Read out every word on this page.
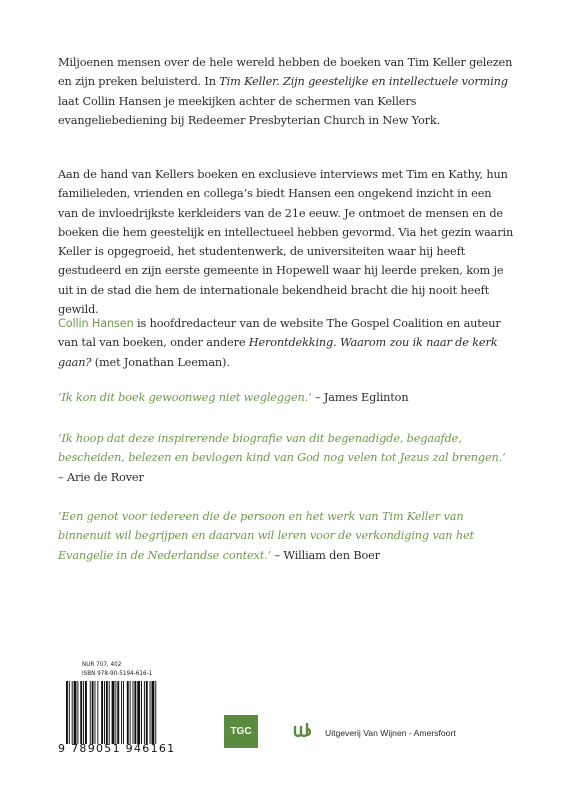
Miljoenen mensen over de hele wereld hebben de boeken van Tim Keller gelezen en zijn preken beluisterd. In Tim Keller. Zijn geestelijke en intellectuele vorming laat Collin Hansen je meekijken achter de schermen van Kellers evangeliebediening bij Redeemer Presbyterian Church in New York.

Aan de hand van Kellers boeken en exclusieve interviews met Tim en Kathy, hun familieleden, vrienden en collega’s biedt Hansen een ongekend inzicht in een van de invloedrijkste kerkleiders van de 21e eeuw. Je ontmoet de mensen en de boeken die hem geestelijk en intellectueel hebben gevormd. Via het gezin waarin Keller is opgegroeid, het studentenwerk, de universiteiten waar hij heeft gestudeerd en zijn eerste gemeente in Hopewell waar hij leerde preken, kom je uit in de stad die hem de internationale bekendheid bracht die hij nooit heeft gewild.

Collin Hansen is hoofdredacteur van de website The Gospel Coalition en auteur van tal van boeken, onder andere Herontdekking. Waarom zou ik naar de kerk gaan? (met Jonathan Leeman).

‘Ik kon dit boek gewoonweg niet wegleggen.’ – James Eglinton

‘Ik hoop dat deze inspirerende biografie van dit begenadigde, begaafde, bescheiden, belezen en bevlogen kind van God nog velen tot Jezus zal brengen.’ – Arie de Rover

‘Een genot voor iedereen die de persoon en het werk van Tim Keller van binnenuit wil begrijpen en daarvan wil leren voor de verkondiging van het Evangelie in de Nederlandse context.’ – William den Boer

NUR 707, 402
ISBN 978-90-5194-616-1
9 789051 946161
TGC	Uitgeverij Van Wijnen - Amersfoort
